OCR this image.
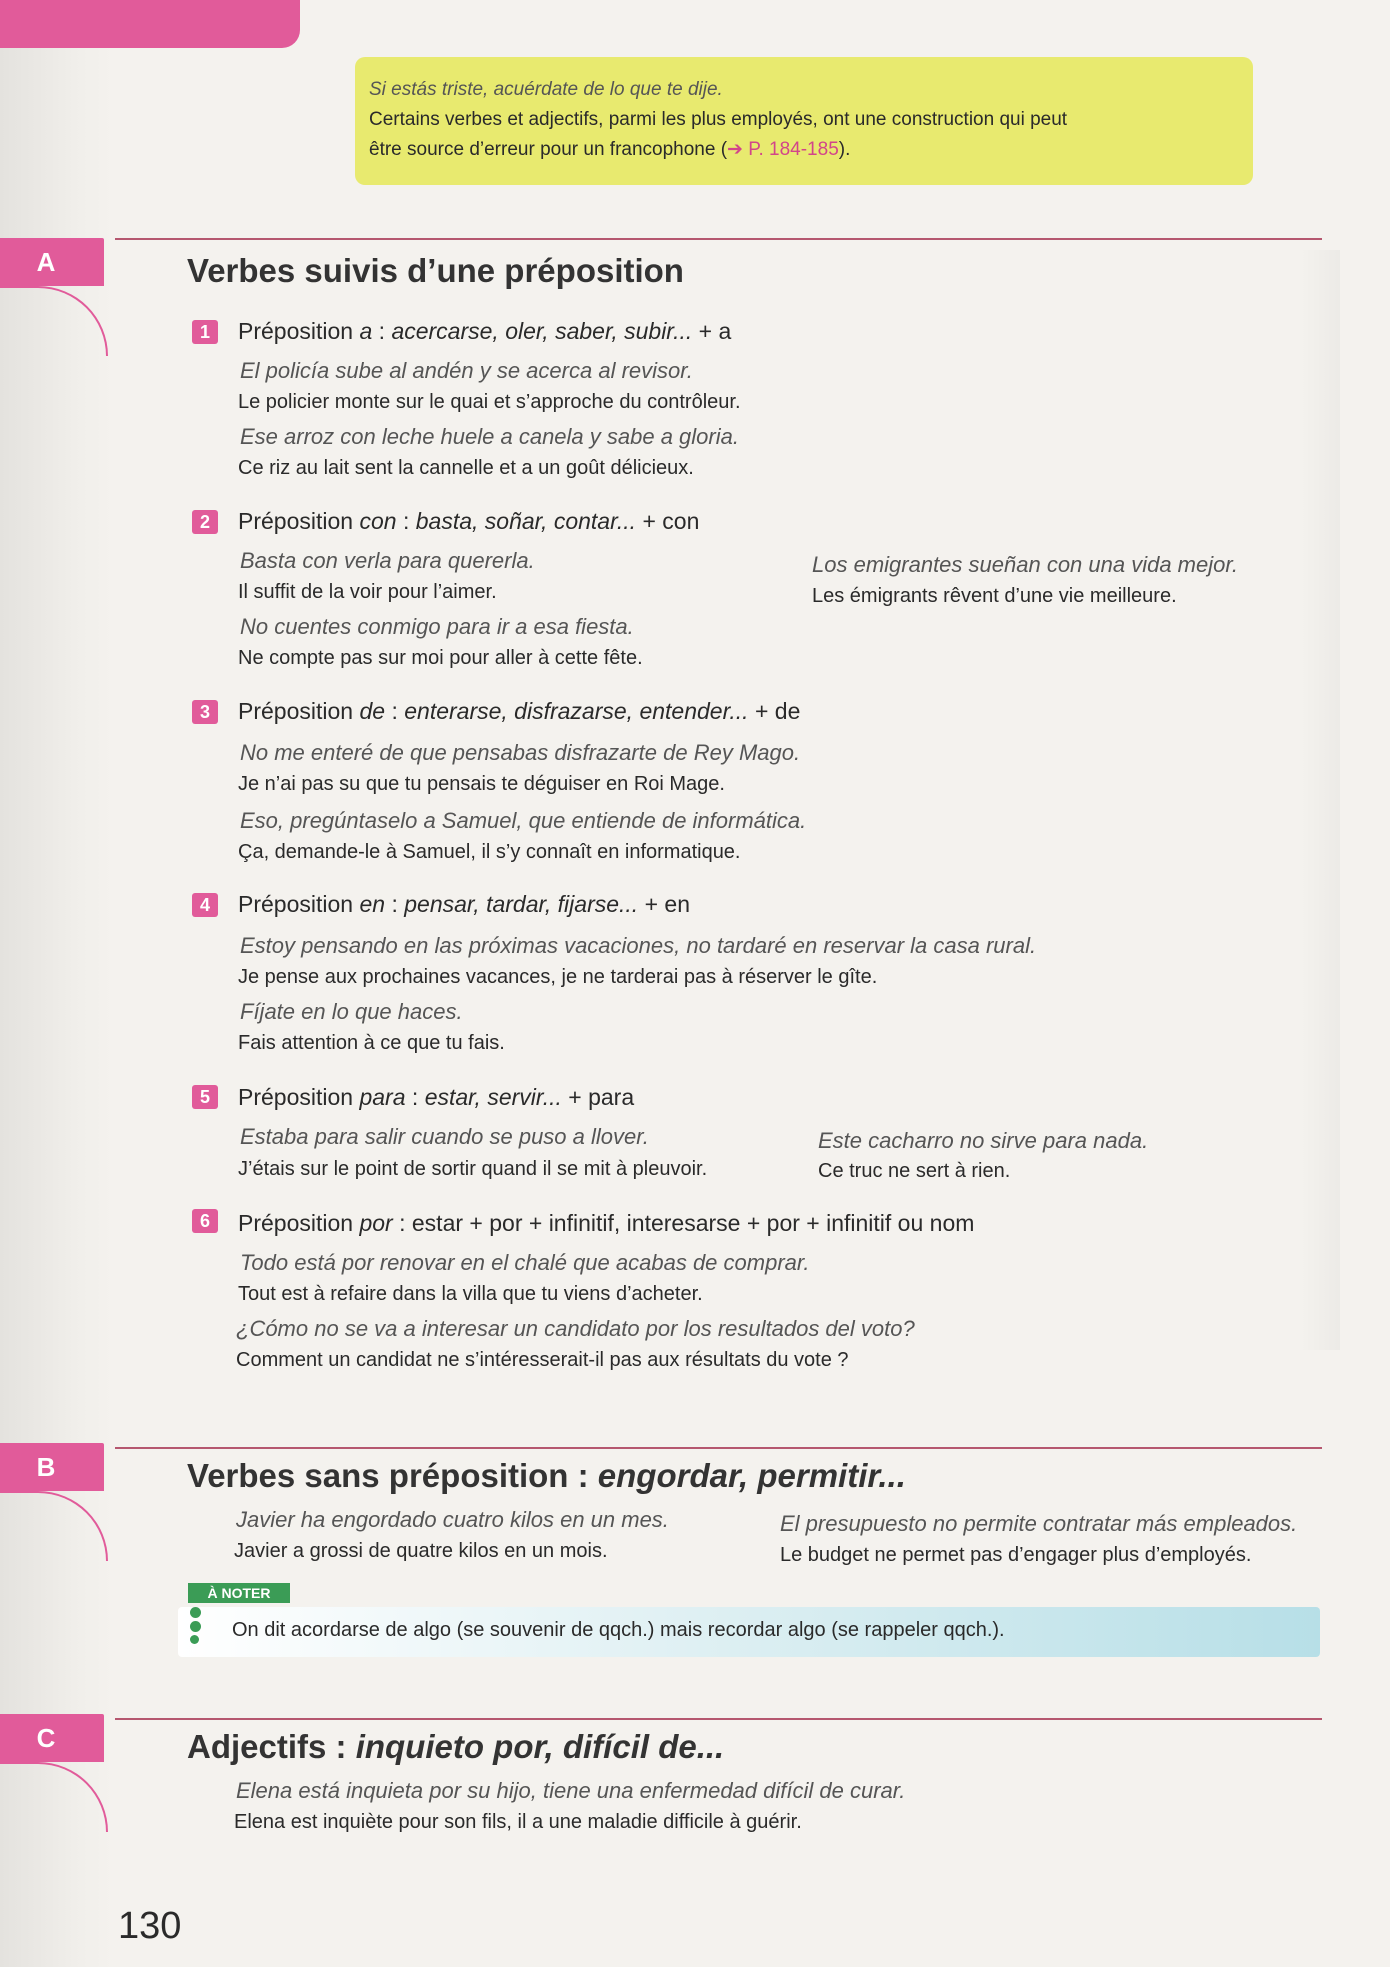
Si estás triste, acuérdate de lo que te dije.
Certains verbes et adjectifs, parmi les plus employés, ont une construction qui peut
être source d’erreur pour un francophone (➔ P. 184-185).
A	Verbes suivis d’une préposition
1	Préposition a : acercarse, oler, saber, subir... + a
El policía sube al andén y se acerca al revisor.
Le policier monte sur le quai et s’approche du contrôleur.
Ese arroz con leche huele a canela y sabe a gloria.
Ce riz au lait sent la cannelle et a un goût délicieux.
2	Préposition con : basta, soñar, contar... + con
Basta con verla para quererla.
Il suffit de la voir pour l’aimer.
Los emigrantes sueñan con una vida mejor.
Les émigrants rêvent d’une vie meilleure.
No cuentes conmigo para ir a esa fiesta.
Ne compte pas sur moi pour aller à cette fête.
3	Préposition de : enterarse, disfrazarse, entender... + de
No me enteré de que pensabas disfrazarte de Rey Mago.
Je n’ai pas su que tu pensais te déguiser en Roi Mage.
Eso, pregúntaselo a Samuel, que entiende de informática.
Ça, demande-le à Samuel, il s’y connaît en informatique.
4	Préposition en : pensar, tardar, fijarse... + en
Estoy pensando en las próximas vacaciones, no tardaré en reservar la casa rural.
Je pense aux prochaines vacances, je ne tarderai pas à réserver le gîte.
Fíjate en lo que haces.
Fais attention à ce que tu fais.
5	Préposition para : estar, servir... + para
Estaba para salir cuando se puso a llover.
J’étais sur le point de sortir quand il se mit à pleuvoir.
Este cacharro no sirve para nada.
Ce truc ne sert à rien.
6	Préposition por : estar + por + infinitif, interesarse + por + infinitif ou nom
Todo está por renovar en el chalé que acabas de comprar.
Tout est à refaire dans la villa que tu viens d’acheter.
¿Cómo no se va a interesar un candidato por los resultados del voto?
Comment un candidat ne s’intéresserait-il pas aux résultats du vote ?
B	Verbes sans préposition : engordar, permitir...
Javier ha engordado cuatro kilos en un mes.
Javier a grossi de quatre kilos en un mois.
El presupuesto no permite contratar más empleados.
Le budget ne permet pas d’engager plus d’employés.
À NOTER
On dit acordarse de algo (se souvenir de qqch.) mais recordar algo (se rappeler qqch.).
C	Adjectifs : inquieto por, difícil de...
Elena está inquieta por su hijo, tiene una enfermedad difícil de curar.
Elena est inquiète pour son fils, il a une maladie difficile à guérir.
130
